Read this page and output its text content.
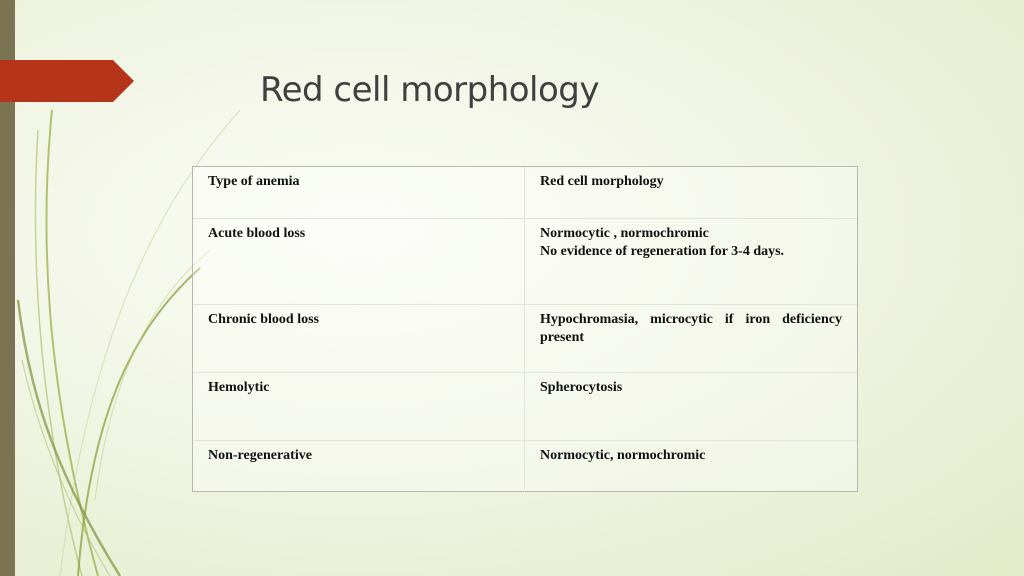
Red cell morphology
Type of anemia	Red cell morphology
Acute blood loss	Normocytic , normochromic
No evidence of regeneration for 3-4 days.

Chronic blood loss	Hypochromasia, microcytic if iron deficiency present

Hemolytic	Spherocytosis

Non-regenerative	Normocytic, normochromic
